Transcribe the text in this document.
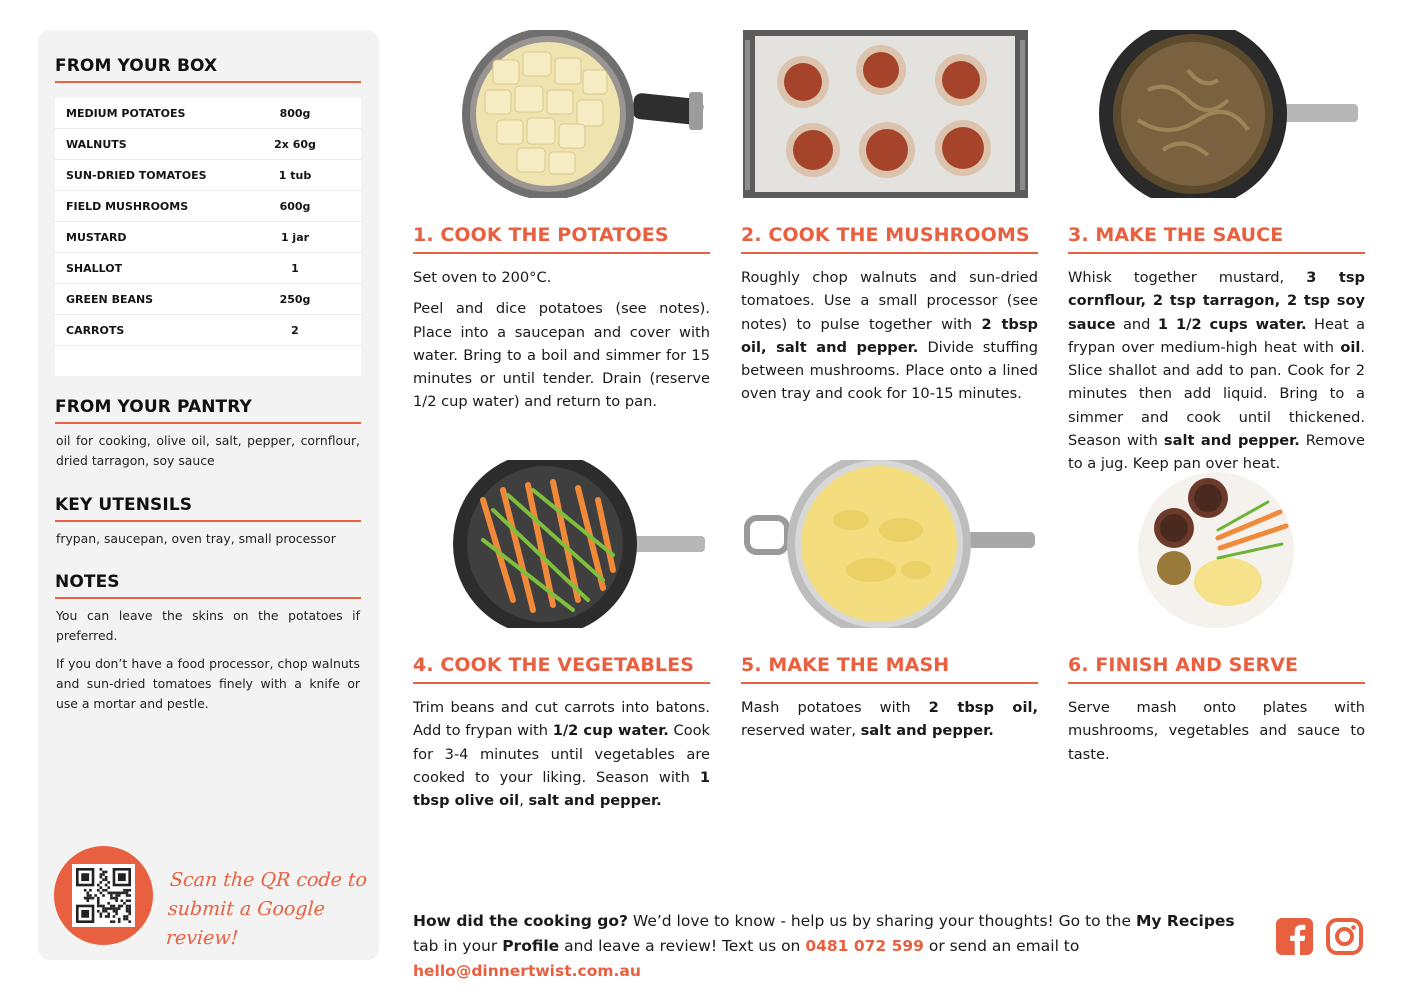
FROM YOUR BOX
MEDIUM POTATOES	800g
WALNUTS	2x 60g
SUN-DRIED TOMATOES	1 tub
FIELD MUSHROOMS	600g
MUSTARD	1 jar
SHALLOT	1
GREEN BEANS	250g
CARROTS	2
FROM YOUR PANTRY
oil for cooking, olive oil, salt, pepper, cornflour, dried tarragon, soy sauce
KEY UTENSILS
frypan, saucepan, oven tray, small processor
NOTES

You can leave the skins on the potatoes if preferred.

If you don’t have a food processor, chop walnuts and sun-dried tomatoes finely with a knife or use a mortar and pestle.

Scan the QR code to submit a Google review!
1. COOK THE POTATOES

Set oven to 200°C.

Peel and dice potatoes (see notes). Place into a saucepan and cover with water. Bring to a boil and simmer for 15 minutes or until tender. Drain (reserve 1/2 cup water) and return to pan.

2. COOK THE MUSHROOMS

Roughly chop walnuts and sun-dried tomatoes. Use a small processor (see notes) to pulse together with 2 tbsp oil, salt and pepper. Divide stuffing between mushrooms. Place onto a lined oven tray and cook for 10-15 minutes.

3. MAKE THE SAUCE

Whisk together mustard, 3 tsp cornflour, 2 tsp tarragon, 2 tsp soy sauce and 1 1/2 cups water. Heat a frypan over medium-high heat with oil. Slice shallot and add to pan. Cook for 2 minutes then add liquid. Bring to a simmer and cook until thickened. Season with salt and pepper. Remove to a jug. Keep pan over heat.

4. COOK THE VEGETABLES

Trim beans and cut carrots into batons. Add to frypan with 1/2 cup water. Cook for 3-4 minutes until vegetables are cooked to your liking. Season with 1 tbsp olive oil, salt and pepper.

5. MAKE THE MASH

Mash potatoes with 2 tbsp oil, reserved water, salt and pepper.

6. FINISH AND SERVE

Serve mash onto plates with mushrooms, vegetables and sauce to taste.

How did the cooking go? We’d love to know - help us by sharing your thoughts! Go to the My Recipes tab in your Profile and leave a review! Text us on 0481 072 599 or send an email to hello@dinnertwist.com.au
